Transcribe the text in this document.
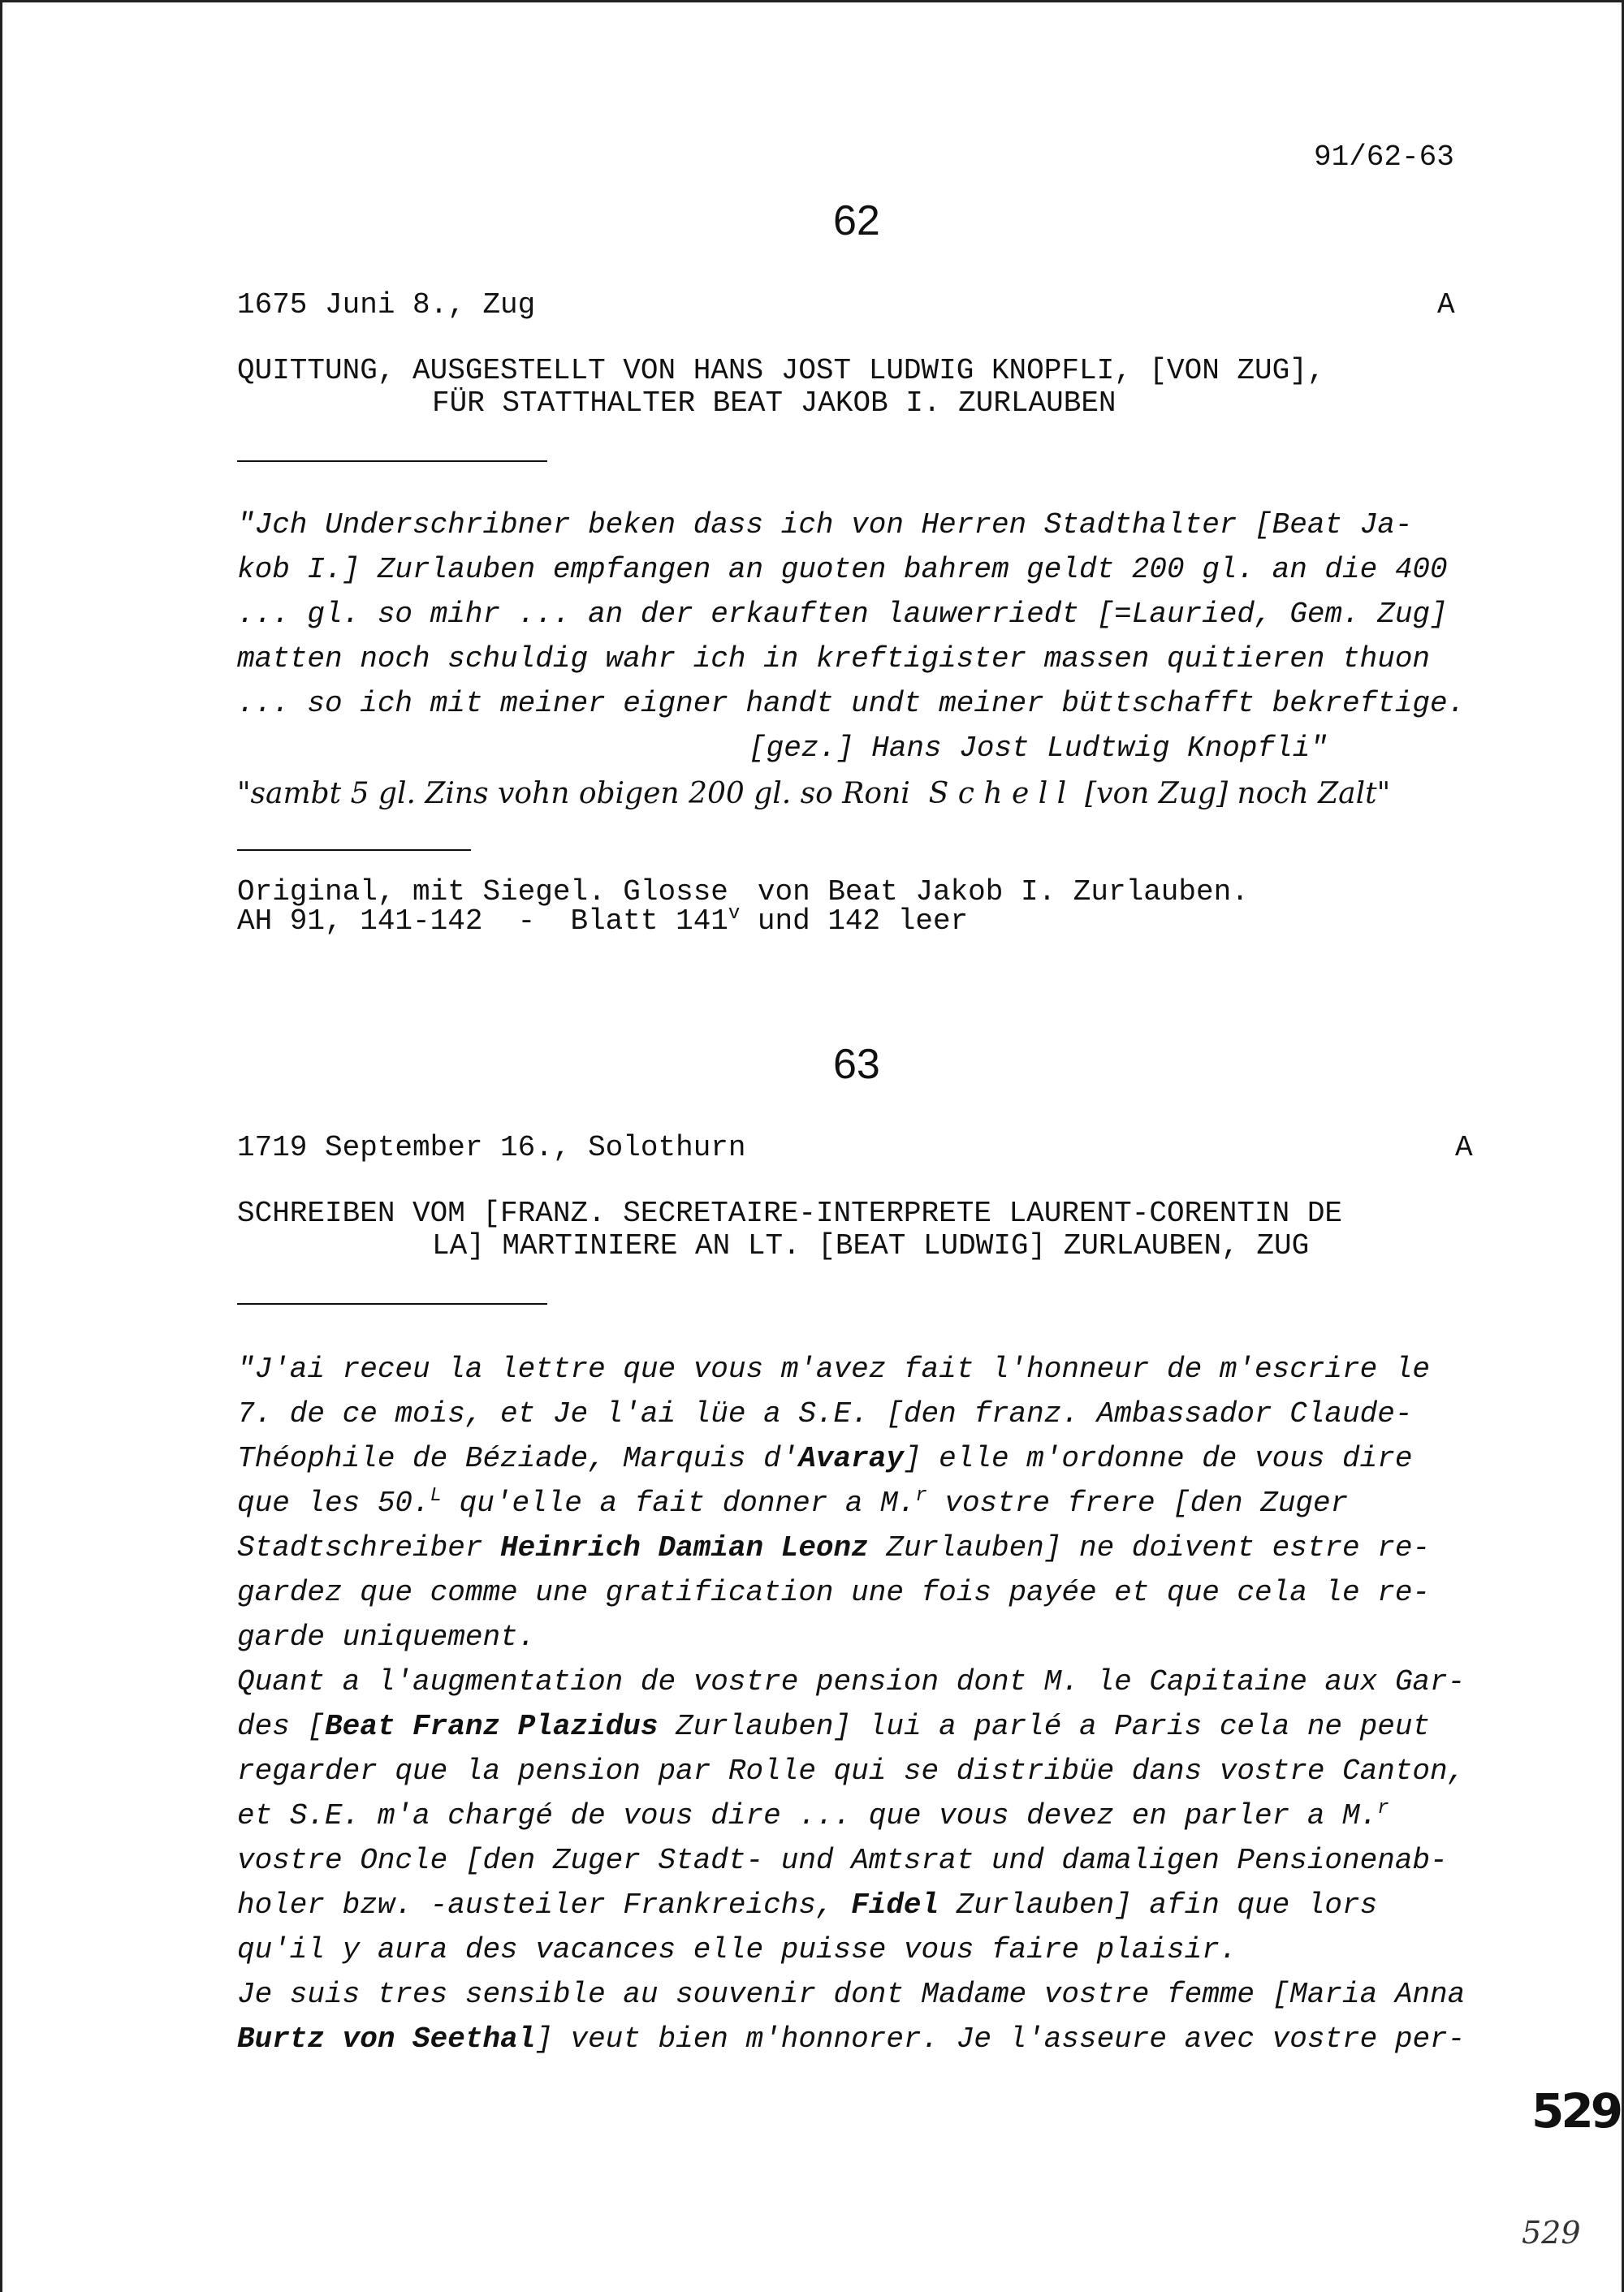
91/62-63
62
1675 Juni 8., Zug	A
QUITTUNG, AUSGESTELLT VON HANS JOST LUDWIG KNOPFLI, [VON ZUG],
FÜR STATTHALTER BEAT JAKOB I. ZURLAUBEN
"Jch Underschribner beken dass ich von Herren Stadthalter [Beat Ja-
kob I.] Zurlauben empfangen an guoten bahrem geldt 200 gl. an die 400
... gl. so mihr ... an der erkauften lauwerriedt [=Lauried, Gem. Zug]
matten noch schuldig wahr ich in kreftigister massen quitieren thuon
... so ich mit meiner eigner handt undt meiner büttschafft bekreftige.
[gez.] Hans Jost Ludtwig Knopfli"
"sambt 5 gl. Zins vohn obigen 200 gl. so Roni  S c h e l l [von Zug] noch Zalt"
Original, mit Siegel. Glosse von Beat Jakob I. Zurlauben.
AH 91, 141-142  -  Blatt 141$^v$ und 142 leer
63
1719 September 16., Solothurn	A
SCHREIBEN VOM [FRANZ. SECRETAIRE-INTERPRETE LAURENT-CORENTIN DE
LA] MARTINIERE AN LT. [BEAT LUDWIG] ZURLAUBEN, ZUG
"J'ai receu la lettre que vous m'avez fait l'honneur de m'escrire le
7. de ce mois, et Je l'ai lüe a S.E. [den franz. Ambassador Claude-
Théophile de Béziade, Marquis d'Avaray] elle m'ordonne de vous dire
que les 50.$^L$ qu'elle a fait donner a M.$^r$ vostre frere [den Zuger
Stadtschreiber Heinrich Damian Leonz Zurlauben] ne doivent estre re-
gardez que comme une gratification une fois payée et que cela le re-
garde uniquement.
Quant a l'augmentation de vostre pension dont M. le Capitaine aux Gar-
des [Beat Franz Plazidus Zurlauben] lui a parlé a Paris cela ne peut
regarder que la pension par Rolle qui se distribüe dans vostre Canton,
et S.E. m'a chargé de vous dire ... que vous devez en parler a M.$^r$
vostre Oncle [den Zuger Stadt- und Amtsrat und damaligen Pensionenab-
holer bzw. -austeiler Frankreichs, Fidel Zurlauben] afin que lors
qu'il y aura des vacances elle puisse vous faire plaisir.
Je suis tres sensible au souvenir dont Madame vostre femme [Maria Anna
Burtz von Seethal] veut bien m'honnorer. Je l'asseure avec vostre per-
529
529
